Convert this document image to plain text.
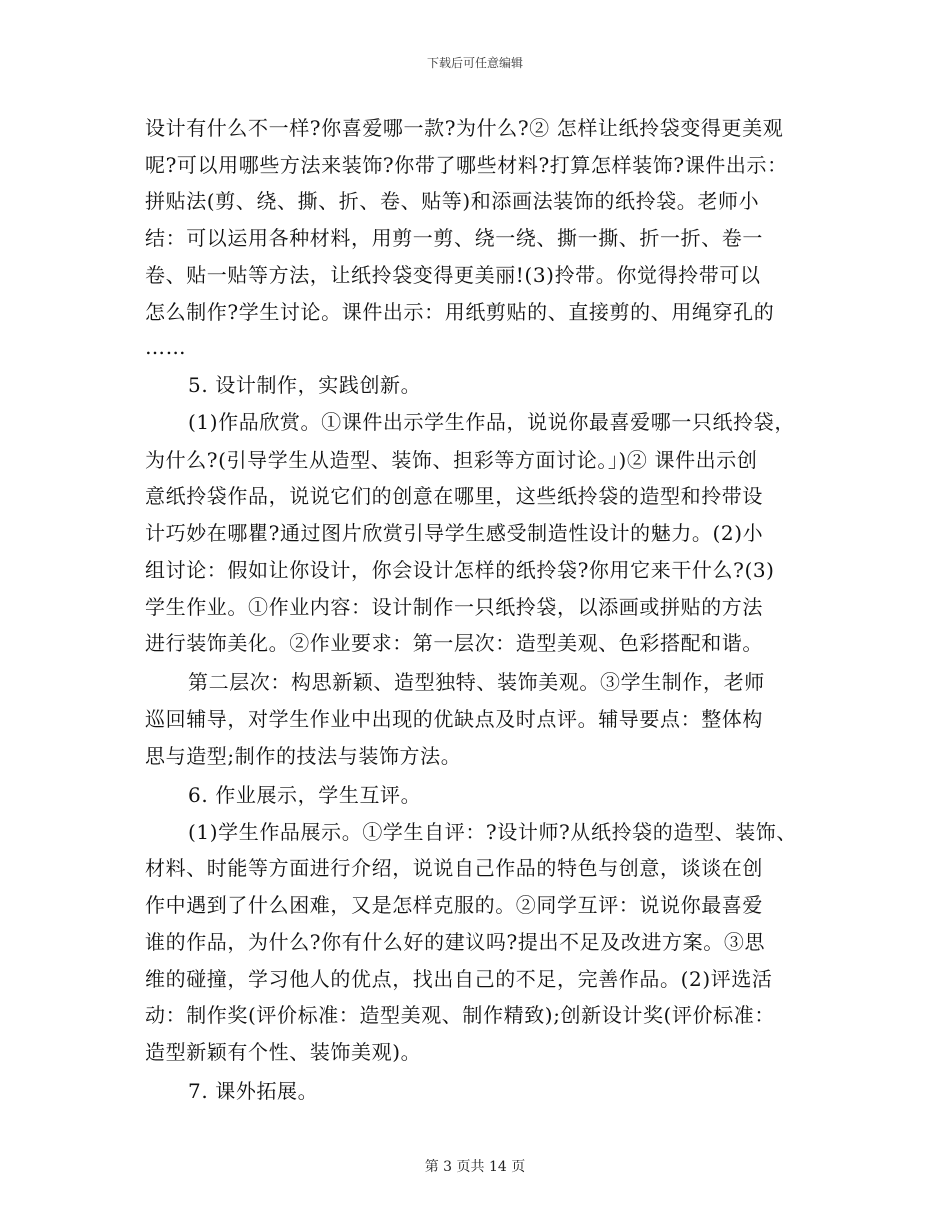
下载后可任意编辑
设计有什么不一样?你喜爱哪一款?为什么?② 怎样让纸拎袋变得更美观
呢?可以用哪些方法来装饰?你带了哪些材料?打算怎样装饰?课件出示：
拼贴法(剪、绕、撕、折、卷、贴等)和添画法装饰的纸拎袋。老师小
结：可以运用各种材料，用剪一剪、绕一绕、撕一撕、折一折、卷一
卷、贴一贴等方法，让纸拎袋变得更美丽!(3)拎带。你觉得拎带可以
怎么制作?学生讨论。课件出示：用纸剪贴的、直接剪的、用绳穿孔的
……
5. 设计制作，实践创新。
(1)作品欣赏。①课件出示学生作品，说说你最喜爱哪一只纸拎袋，
为什么?(引导学生从造型、装饰、担彩等方面讨论。」)② 课件出示创
意纸拎袋作品，说说它们的创意在哪里，这些纸拎袋的造型和拎带设
计巧妙在哪瞿?通过图片欣赏引导学生感受制造性设计的魅力。(2)小
组讨论：假如让你设计，你会设计怎样的纸拎袋?你用它来干什么?(3)
学生作业。①作业内容：设计制作一只纸拎袋，以添画或拼贴的方法
进行装饰美化。②作业要求：第一层次：造型美观、色彩搭配和谐。
第二层次：构思新颖、造型独特、装饰美观。③学生制作，老师
巡回辅导，对学生作业中出现的优缺点及时点评。辅导要点：整体构
思与造型;制作的技法与装饰方法。
6. 作业展示，学生互评。
(1)学生作品展示。①学生自评：?设计师?从纸拎袋的造型、装饰、
材料、时能等方面进行介绍，说说自己作品的特色与创意，谈谈在创
作中遇到了什么困难，又是怎样克服的。②同学互评：说说你最喜爱
谁的作品，为什么?你有什么好的建议吗?提出不足及改进方案。③思
维的碰撞，学习他人的优点，找出自己的不足，完善作品。(2)评选活
动：制作奖(评价标准：造型美观、制作精致);创新设计奖(评价标准：
造型新颖有个性、装饰美观)。
7. 课外拓展。
第 3 页共 14 页
